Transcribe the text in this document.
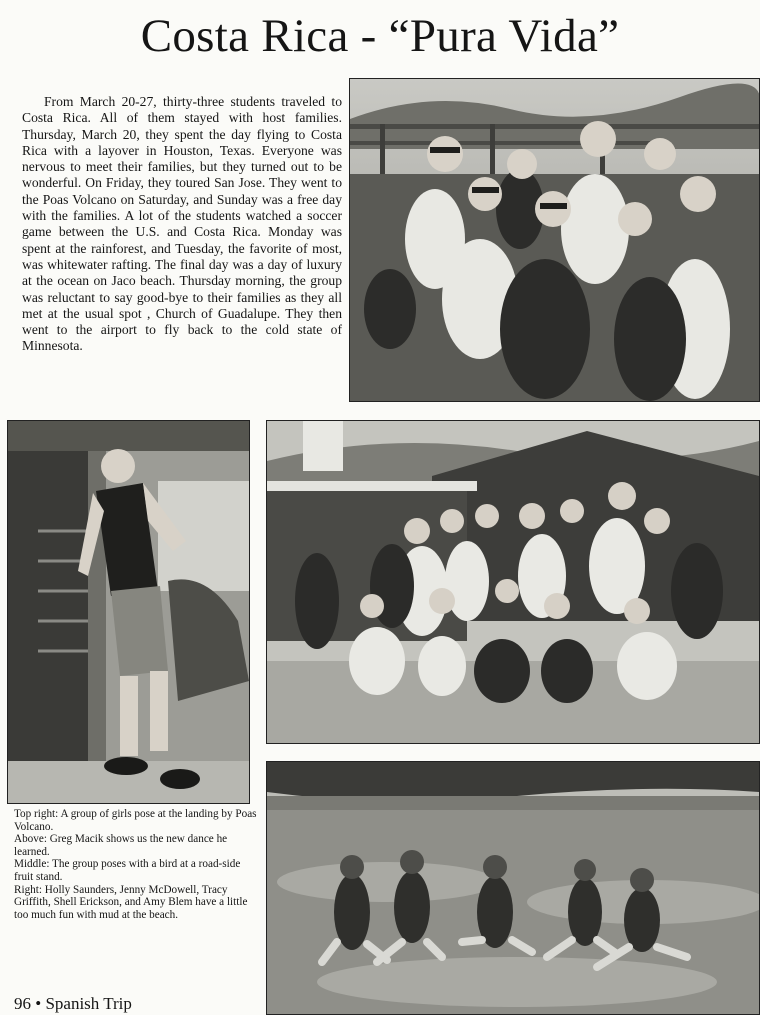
Costa Rica - “Pura Vida”

From March 20-27, thirty-three students traveled to Costa Rica. All of them stayed with host families. Thursday, March 20, they spent the day flying to Costa Rica with a layover in Houston, Texas. Everyone was nervous to meet their families, but they turned out to be wonderful. On Friday, they toured San Jose. They went to the Poas Volcano on Saturday, and Sunday was a free day with the families. A lot of the students watched a soccer game between the U.S. and Costa Rica. Monday was spent at the rainforest, and Tuesday, the favorite of most, was whitewater rafting. The final day was a day of luxury at the ocean on Jaco beach. Thursday morning, the group was reluctant to say good-bye to their families as they all met at the usual spot , Church of Guadalupe. They then went to the airport to fly back to the cold state of Minnesota.

Top right: A group of girls pose at the landing by Poas Volcano.

Above: Greg Macik shows us the new dance he learned.

Middle: The group poses with a bird at a road-side fruit stand.

Right: Holly Saunders, Jenny McDowell, Tracy Griffith, Shell Erickson, and Amy Blem have a little too much fun with mud at the beach.

96 • Spanish Trip
